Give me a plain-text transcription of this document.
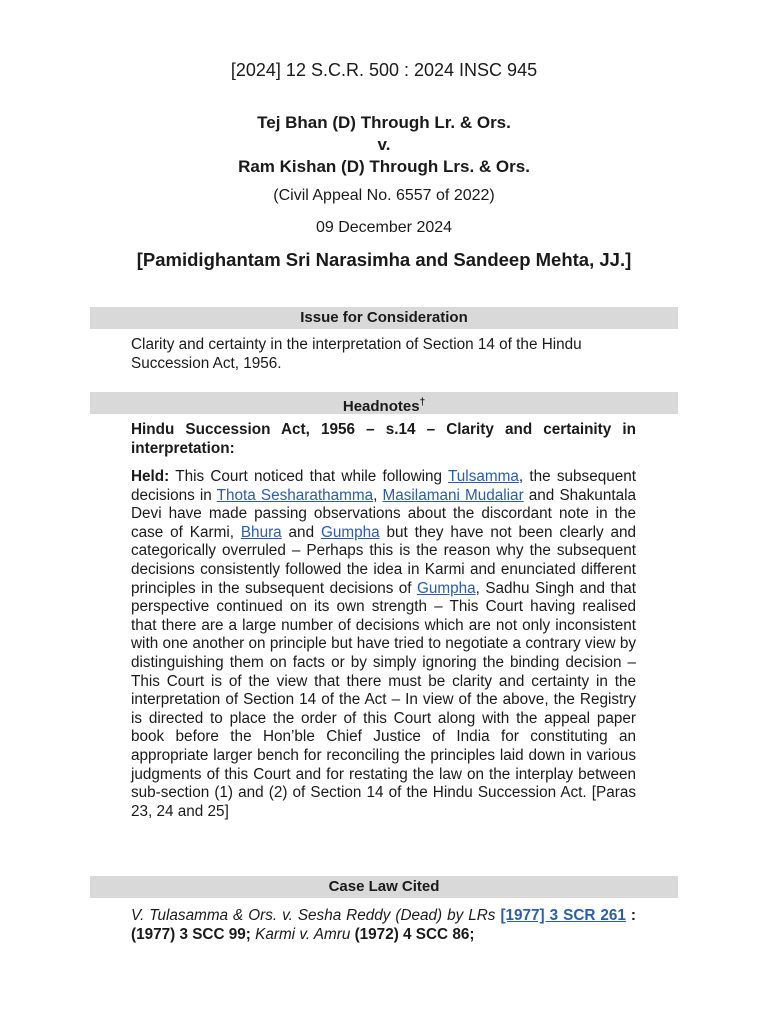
[2024] 12 S.C.R. 500 : 2024 INSC 945
Tej Bhan (D) Through Lr. & Ors.
v.
Ram Kishan (D) Through Lrs. & Ors.
(Civil Appeal No. 6557 of 2022)
09 December 2024
[Pamidighantam Sri Narasimha and Sandeep Mehta, JJ.]
Issue for Consideration
Clarity and certainty in the interpretation of Section 14 of the Hindu Succession Act, 1956.
Headnotes†
Hindu Succession Act, 1956 – s.14 – Clarity and certainity in interpretation:
Held: This Court noticed that while following Tulsamma, the subsequent decisions in Thota Sesharathamma, Masilamani Mudaliar and Shakuntala Devi have made passing observations about the discordant note in the case of Karmi, Bhura and Gumpha but they have not been clearly and categorically overruled – Perhaps this is the reason why the subsequent decisions consistently followed the idea in Karmi and enunciated different principles in the subsequent decisions of Gumpha, Sadhu Singh and that perspective continued on its own strength – This Court having realised that there are a large number of decisions which are not only inconsistent with one another on principle but have tried to negotiate a contrary view by distinguishing them on facts or by simply ignoring the binding decision – This Court is of the view that there must be clarity and certainty in the interpretation of Section 14 of the Act – In view of the above, the Registry is directed to place the order of this Court along with the appeal paper book before the Hon’ble Chief Justice of India for constituting an appropriate larger bench for reconciling the principles laid down in various judgments of this Court and for restating the law on the interplay between sub-section (1) and (2) of Section 14 of the Hindu Succession Act. [Paras 23, 24 and 25]
Case Law Cited
V. Tulasamma & Ors. v. Sesha Reddy (Dead) by LRs [1977] 3 SCR 261 : (1977) 3 SCC 99; Karmi v. Amru (1972) 4 SCC 86;
